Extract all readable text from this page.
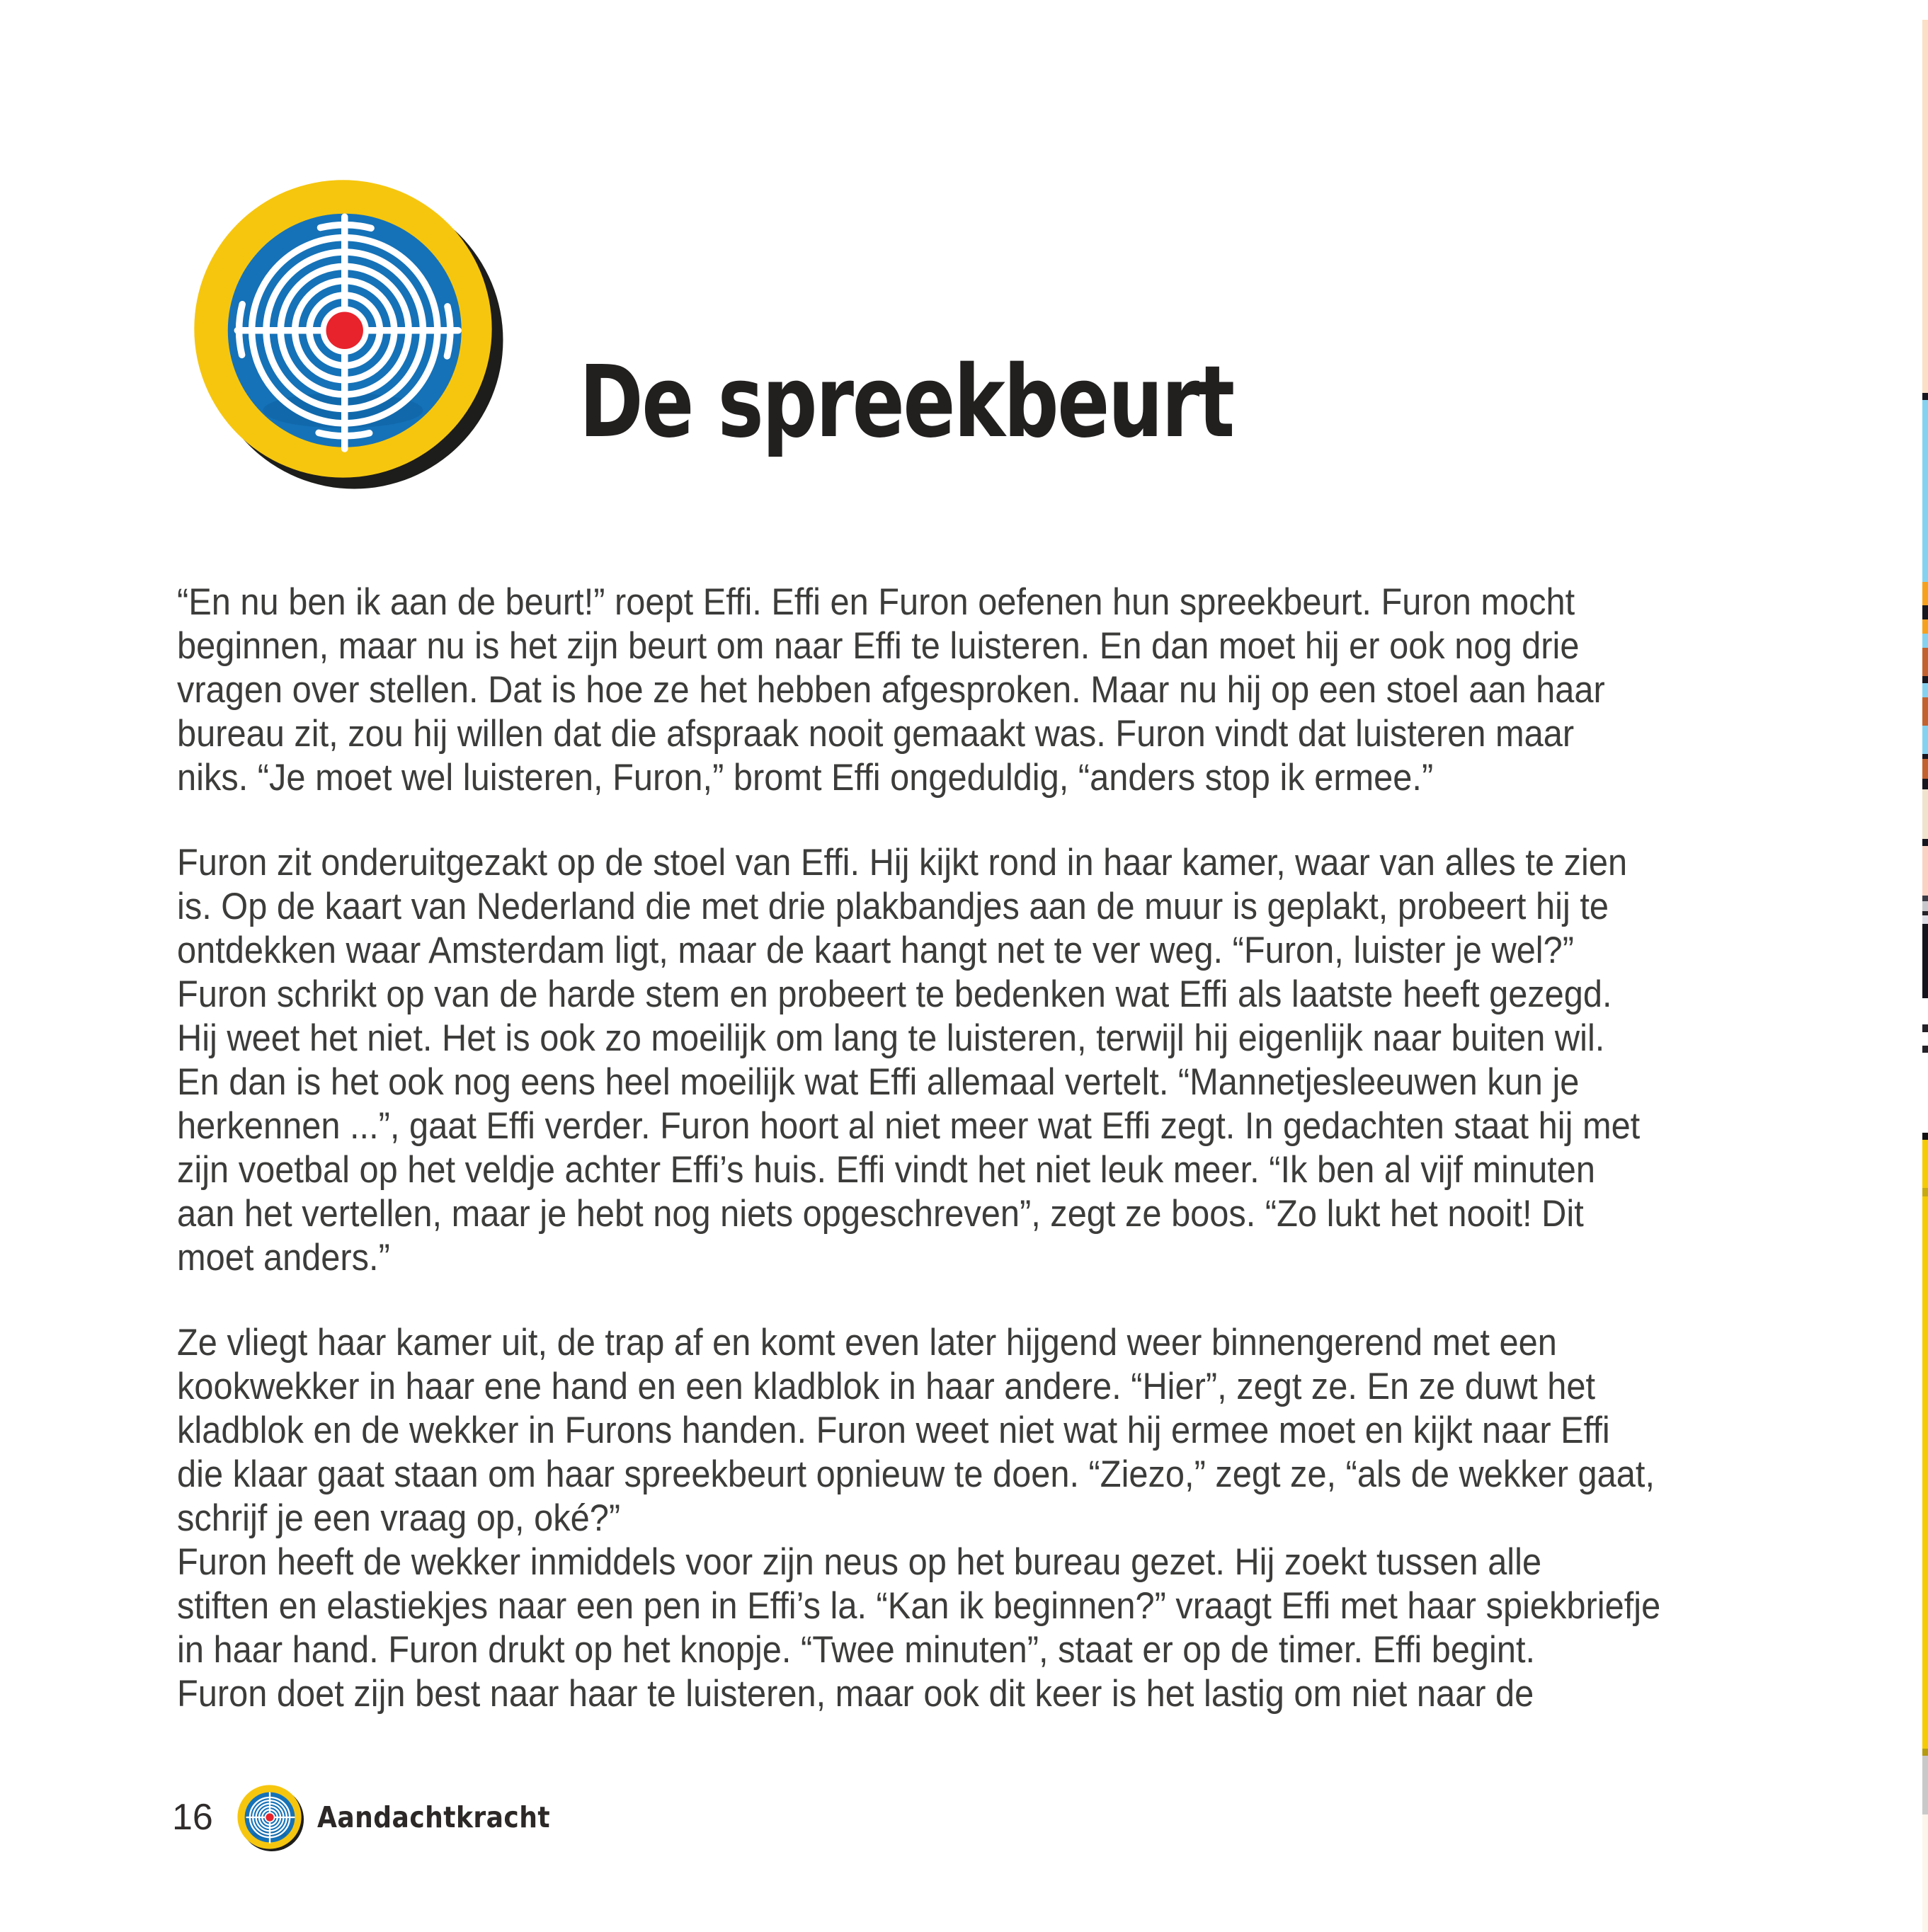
De spreekbeurt
“En nu ben ik aan de beurt!” roept Effi. Effi en Furon oefenen hun spreekbeurt. Furon mocht
beginnen, maar nu is het zijn beurt om naar Effi te luisteren. En dan moet hij er ook nog drie
vragen over stellen. Dat is hoe ze het hebben afgesproken. Maar nu hij op een stoel aan haar
bureau zit, zou hij willen dat die afspraak nooit gemaakt was. Furon vindt dat luisteren maar
niks. “Je moet wel luisteren, Furon,” bromt Effi ongeduldig, “anders stop ik ermee.”
Furon zit onderuitgezakt op de stoel van Effi. Hij kijkt rond in haar kamer, waar van alles te zien
is. Op de kaart van Nederland die met drie plakbandjes aan de muur is geplakt, probeert hij te
ontdekken waar Amsterdam ligt, maar de kaart hangt net te ver weg. “Furon, luister je wel?”
Furon schrikt op van de harde stem en probeert te bedenken wat Effi als laatste heeft gezegd.
Hij weet het niet. Het is ook zo moeilijk om lang te luisteren, terwijl hij eigenlijk naar buiten wil.
En dan is het ook nog eens heel moeilijk wat Effi allemaal vertelt. “Mannetjesleeuwen kun je
herkennen ...”, gaat Effi verder. Furon hoort al niet meer wat Effi zegt. In gedachten staat hij met
zijn voetbal op het veldje achter Effi’s huis. Effi vindt het niet leuk meer. “Ik ben al vijf minuten
aan het vertellen, maar je hebt nog niets opgeschreven”, zegt ze boos. “Zo lukt het nooit! Dit
moet anders.”
Ze vliegt haar kamer uit, de trap af en komt even later hijgend weer binnengerend met een
kookwekker in haar ene hand en een kladblok in haar andere. “Hier”, zegt ze. En ze duwt het
kladblok en de wekker in Furons handen. Furon weet niet wat hij ermee moet en kijkt naar Effi
die klaar gaat staan om haar spreekbeurt opnieuw te doen. “Ziezo,” zegt ze, “als de wekker gaat,
schrijf je een vraag op, oké?”
Furon heeft de wekker inmiddels voor zijn neus op het bureau gezet. Hij zoekt tussen alle
stiften en elastiekjes naar een pen in Effi’s la. “Kan ik beginnen?” vraagt Effi met haar spiekbriefje
in haar hand. Furon drukt op het knopje. “Twee minuten”, staat er op de timer. Effi begint.
Furon doet zijn best naar haar te luisteren, maar ook dit keer is het lastig om niet naar de
16	Aandachtkracht
